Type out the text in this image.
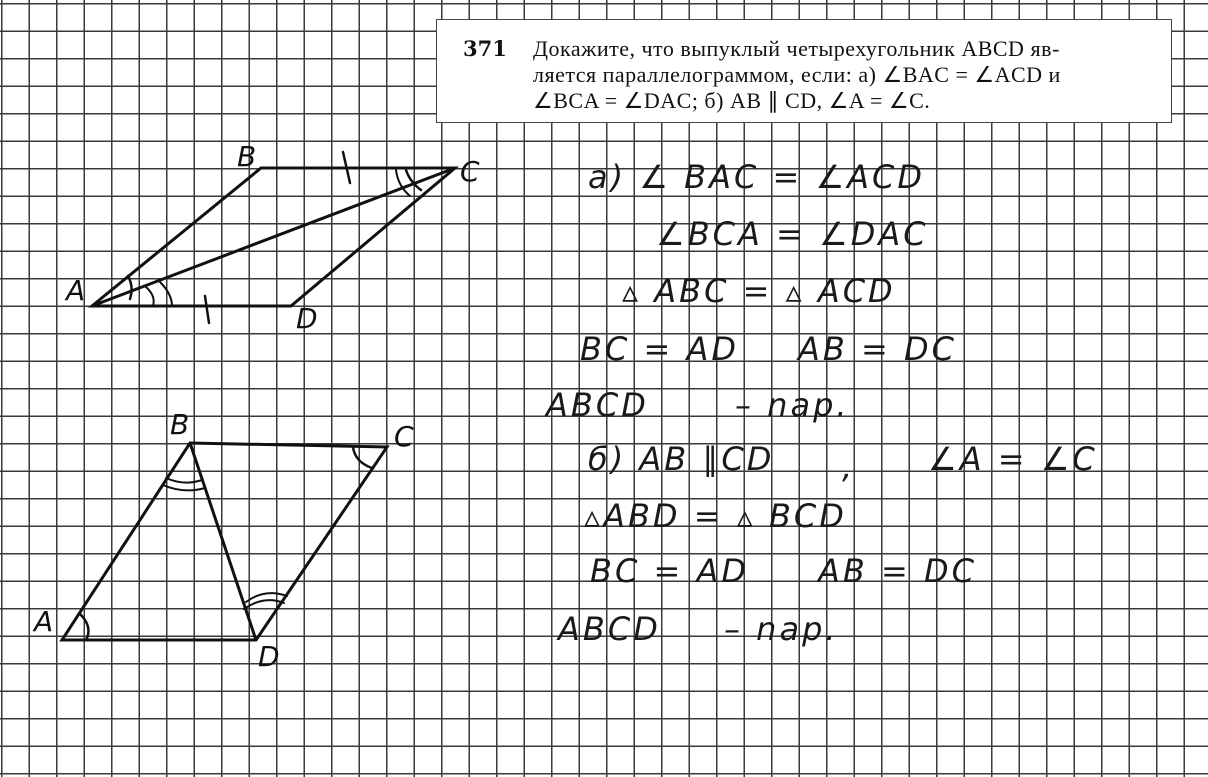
371 Докажите, что выпуклый четырехугольник ABCD яв-
ляется параллелограммом, если: а) ∠BAC = ∠ACD и
∠BCA = ∠DAC; б) AB ∥ CD, ∠A = ∠C.
B	C
A
D
B	C
A
D
a) ∠ BAC = ∠ACD
∠BCA = ∠DAC
▵ ABC = ▵ ACD
BC = AD AB = DC
ABCD	– nap.
б) AB ∥CD , ∠A = ∠C
▵ABD = ▵ BCD
BC = AD AB = DC
ABCD – nap.
